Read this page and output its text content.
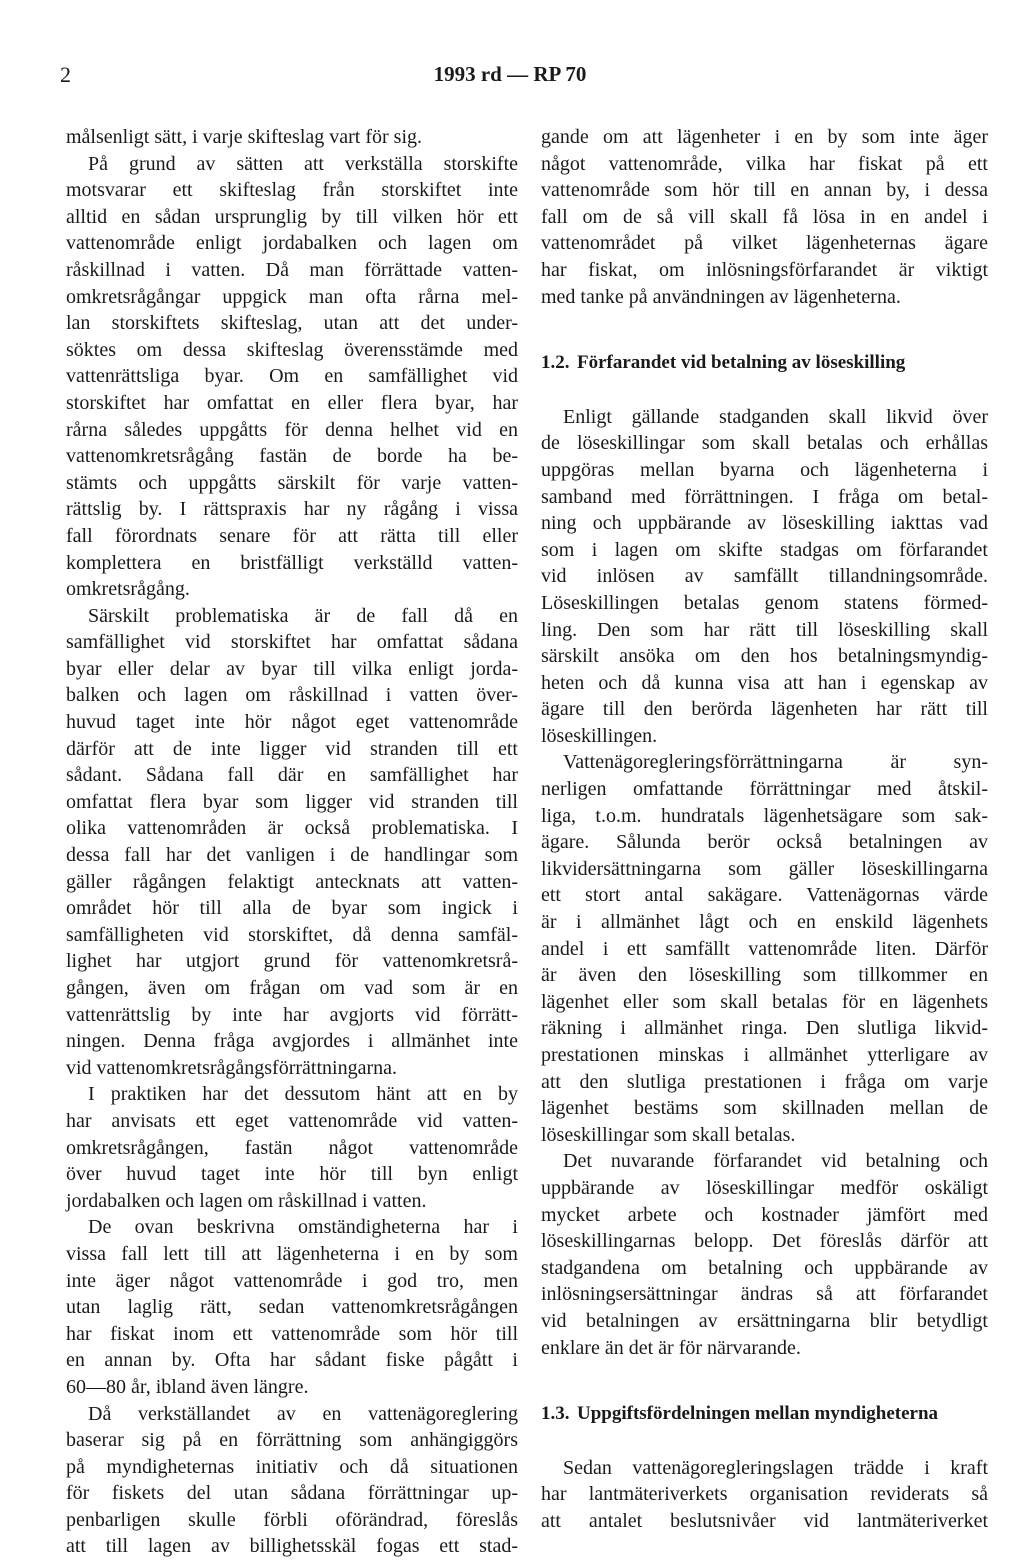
2	1993 rd — RP 70
målsenligt sätt, i varje skifteslag vart för sig.
På grund av sätten att verkställa storskifte
motsvarar ett skifteslag från storskiftet inte
alltid en sådan ursprunglig by till vilken hör ett
vattenområde enligt jordabalken och lagen om
råskillnad i vatten. Då man förrättade vatten-
omkretsrågångar uppgick man ofta rårna mel-
lan storskiftets skifteslag, utan att det under-
söktes om dessa skifteslag överensstämde med
vattenrättsliga byar. Om en samfällighet vid
storskiftet har omfattat en eller flera byar, har
rårna således uppgåtts för denna helhet vid en
vattenomkretsrågång fastän de borde ha be-
stämts och uppgåtts särskilt för varje vatten-
rättslig by. I rättspraxis har ny rågång i vissa
fall förordnats senare för att rätta till eller
komplettera en bristfälligt verkställd vatten-
omkretsrågång.
Särskilt problematiska är de fall då en
samfällighet vid storskiftet har omfattat sådana
byar eller delar av byar till vilka enligt jorda-
balken och lagen om råskillnad i vatten över-
huvud taget inte hör något eget vattenområde
därför att de inte ligger vid stranden till ett
sådant. Sådana fall där en samfällighet har
omfattat flera byar som ligger vid stranden till
olika vattenområden är också problematiska. I
dessa fall har det vanligen i de handlingar som
gäller rågången felaktigt antecknats att vatten-
området hör till alla de byar som ingick i
samfälligheten vid storskiftet, då denna samfäl-
lighet har utgjort grund för vattenomkretsrå-
gången, även om frågan om vad som är en
vattenrättslig by inte har avgjorts vid förrätt-
ningen. Denna fråga avgjordes i allmänhet inte
vid vattenomkretsrågångsförrättningarna.
I praktiken har det dessutom hänt att en by
har anvisats ett eget vattenområde vid vatten-
omkretsrågången, fastän något vattenområde
över huvud taget inte hör till byn enligt
jordabalken och lagen om råskillnad i vatten.
De ovan beskrivna omständigheterna har i
vissa fall lett till att lägenheterna i en by som
inte äger något vattenområde i god tro, men
utan laglig rätt, sedan vattenomkretsrågången
har fiskat inom ett vattenområde som hör till
en annan by. Ofta har sådant fiske pågått i
60—80 år, ibland även längre.
Då verkställandet av en vattenägoreglering
baserar sig på en förrättning som anhängiggörs
på myndigheternas initiativ och då situationen
för fiskets del utan sådana förrättningar up-
penbarligen skulle förbli oförändrad, föreslås
att till lagen av billighetsskäl fogas ett stad-
gande om att lägenheter i en by som inte äger
något vattenområde, vilka har fiskat på ett
vattenområde som hör till en annan by, i dessa
fall om de så vill skall få lösa in en andel i
vattenområdet på vilket lägenheternas ägare
har fiskat, om inlösningsförfarandet är viktigt
med tanke på användningen av lägenheterna.
1.2. Förfarandet vid betalning av löseskilling
Enligt gällande stadganden skall likvid över
de löseskillingar som skall betalas och erhållas
uppgöras mellan byarna och lägenheterna i
samband med förrättningen. I fråga om betal-
ning och uppbärande av löseskilling iakttas vad
som i lagen om skifte stadgas om förfarandet
vid inlösen av samfällt tillandningsområde.
Löseskillingen betalas genom statens förmed-
ling. Den som har rätt till löseskilling skall
särskilt ansöka om den hos betalningsmyndig-
heten och då kunna visa att han i egenskap av
ägare till den berörda lägenheten har rätt till
löseskillingen.
Vattenägoregleringsförrättningarna är syn-
nerligen omfattande förrättningar med åtskil-
liga, t.o.m. hundratals lägenhetsägare som sak-
ägare. Sålunda berör också betalningen av
likvidersättningarna som gäller löseskillingarna
ett stort antal sakägare. Vattenägornas värde
är i allmänhet lågt och en enskild lägenhets
andel i ett samfällt vattenområde liten. Därför
är även den löseskilling som tillkommer en
lägenhet eller som skall betalas för en lägenhets
räkning i allmänhet ringa. Den slutliga likvid-
prestationen minskas i allmänhet ytterligare av
att den slutliga prestationen i fråga om varje
lägenhet bestäms som skillnaden mellan de
löseskillingar som skall betalas.
Det nuvarande förfarandet vid betalning och
uppbärande av löseskillingar medför oskäligt
mycket arbete och kostnader jämfört med
löseskillingarnas belopp. Det föreslås därför att
stadgandena om betalning och uppbärande av
inlösningsersättningar ändras så att förfarandet
vid betalningen av ersättningarna blir betydligt
enklare än det är för närvarande.
1.3. Uppgiftsfördelningen mellan myndigheterna
Sedan vattenägoregleringslagen trädde i kraft
har lantmäteriverkets organisation reviderats så
att antalet beslutsnivåer vid lantmäteriverket
